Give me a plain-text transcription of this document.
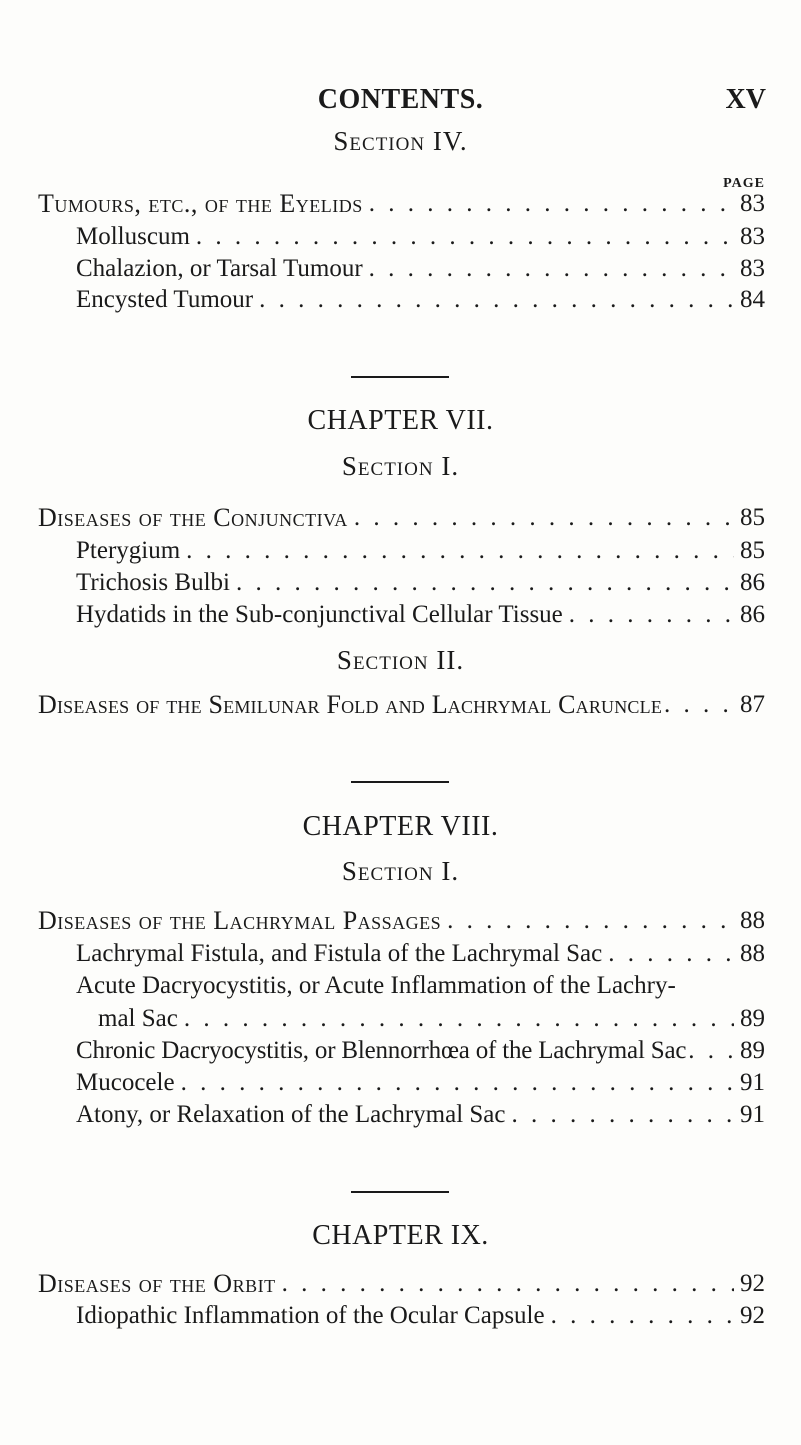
CONTENTS.	XV
Section IV.
PAGE
Tumours, etc., of the Eyelids . . .	83
Molluscum . . .	83
Chalazion, or Tarsal Tumour . . .	83
Encysted Tumour . . .	84
CHAPTER VII.
Section I.
Diseases of the Conjunctiva . . .	85
Pterygium . . .	85
Trichosis Bulbi . . .	86
Hydatids in the Sub-conjunctival Cellular Tissue . . .	86
Section II.
Diseases of the Semilunar Fold and Lachrymal Caruncle . . .	87
CHAPTER VIII.
Section I.
Diseases of the Lachrymal Passages . . .	88
Lachrymal Fistula, and Fistula of the Lachrymal Sac . . .	88
Acute Dacryocystitis, or Acute Inflammation of the Lachry-
mal Sac . . .	89
Chronic Dacryocystitis, or Blennorrhœa of the Lachrymal Sac . . . 89
Mucocele . . .	91
Atony, or Relaxation of the Lachrymal Sac . . .	91
CHAPTER IX.
Diseases of the Orbit . . .	92
Idiopathic Inflammation of the Ocular Capsule . . .	92
